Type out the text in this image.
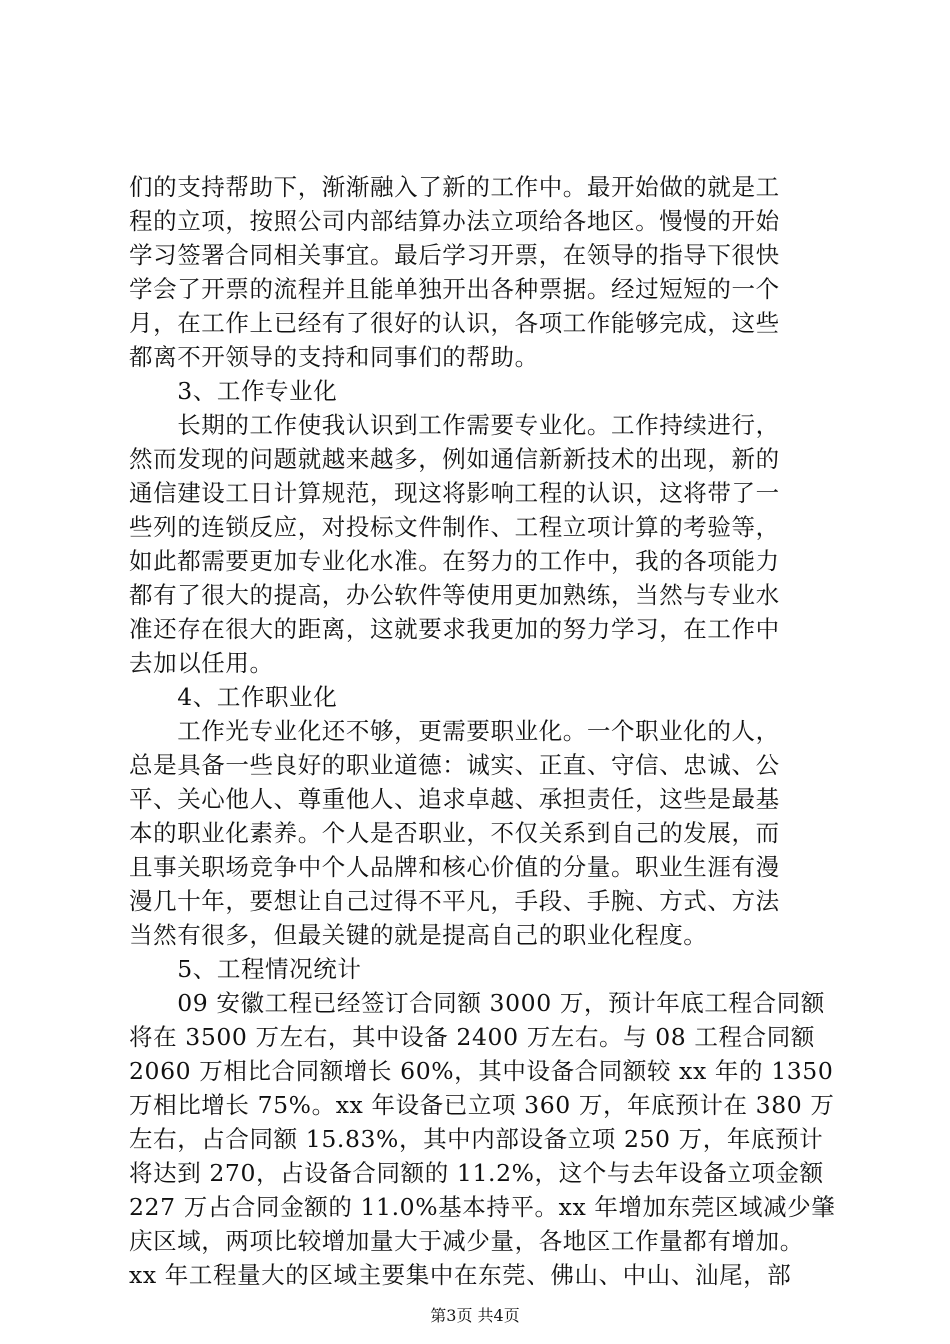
们的支持帮助下，渐渐融入了新的工作中。最开始做的就是工
程的立项，按照公司内部结算办法立项给各地区。慢慢的开始
学习签署合同相关事宜。最后学习开票，在领导的指导下很快
学会了开票的流程并且能单独开出各种票据。经过短短的一个
月，在工作上已经有了很好的认识，各项工作能够完成，这些
都离不开领导的支持和同事们的帮助。
　　3、工作专业化
　　长期的工作使我认识到工作需要专业化。工作持续进行，
然而发现的问题就越来越多，例如通信新新技术的出现，新的
通信建设工日计算规范，现这将影响工程的认识，这将带了一
些列的连锁反应，对投标文件制作、工程立项计算的考验等，
如此都需要更加专业化水准。在努力的工作中，我的各项能力
都有了很大的提高，办公软件等使用更加熟练，当然与专业水
准还存在很大的距离，这就要求我更加的努力学习，在工作中
去加以任用。
　　4、工作职业化
　　工作光专业化还不够，更需要职业化。一个职业化的人，
总是具备一些良好的职业道德：诚实、正直、守信、忠诚、公
平、关心他人、尊重他人、追求卓越、承担责任，这些是最基
本的职业化素养。个人是否职业，不仅关系到自己的发展，而
且事关职场竞争中个人品牌和核心价值的分量。职业生涯有漫
漫几十年，要想让自己过得不平凡，手段、手腕、方式、方法
当然有很多，但最关键的就是提高自己的职业化程度。
　　5、工程情况统计
　　09 安徽工程已经签订合同额 3000 万，预计年底工程合同额
将在 3500 万左右，其中设备 2400 万左右。与 08 工程合同额
2060 万相比合同额增长 60%，其中设备合同额较 xx 年的 1350
万相比增长 75%。xx 年设备已立项 360 万，年底预计在 380 万
左右，占合同额 15.83%，其中内部设备立项 250 万，年底预计
将达到 270，占设备合同额的 11.2%，这个与去年设备立项金额
227 万占合同金额的 11.0%基本持平。xx 年增加东莞区域减少肇
庆区域，两项比较增加量大于减少量，各地区工作量都有增加。
xx 年工程量大的区域主要集中在东莞、佛山、中山、汕尾，部
第3页 共4页
